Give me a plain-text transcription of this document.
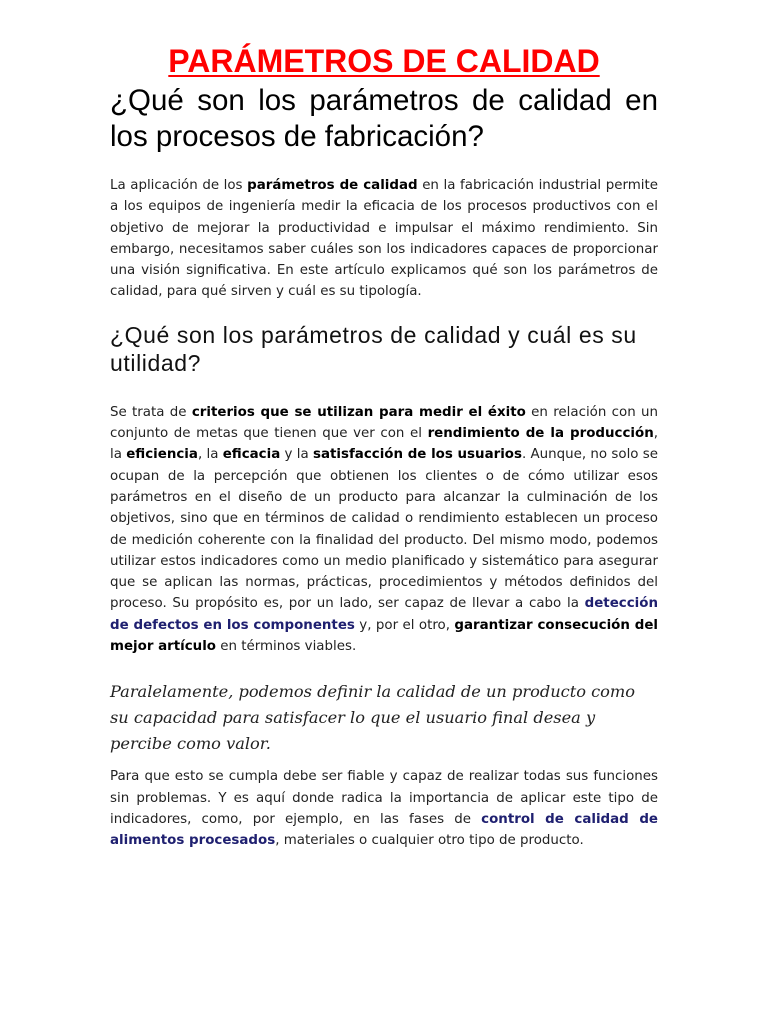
PARÁMETROS DE CALIDAD
¿Qué son los parámetros de calidad en los procesos de fabricación?

La aplicación de los parámetros de calidad en la fabricación industrial permite a los equipos de ingeniería medir la eficacia de los procesos productivos con el objetivo de mejorar la productividad e impulsar el máximo rendimiento. Sin embargo, necesitamos saber cuáles son los indicadores capaces de proporcionar una visión significativa. En este artículo explicamos qué son los parámetros de calidad, para qué sirven y cuál es su tipología.

¿Qué son los parámetros de calidad y cuál es su utilidad?

Se trata de criterios que se utilizan para medir el éxito en relación con un conjunto de metas que tienen que ver con el rendimiento de la producción, la eficiencia, la eficacia y la satisfacción de los usuarios. Aunque, no solo se ocupan de la percepción que obtienen los clientes o de cómo utilizar esos parámetros en el diseño de un producto para alcanzar la culminación de los objetivos, sino que en términos de calidad o rendimiento establecen un proceso de medición coherente con la finalidad del producto. Del mismo modo, podemos utilizar estos indicadores como un medio planificado y sistemático para asegurar que se aplican las normas, prácticas, procedimientos y métodos definidos del proceso. Su propósito es, por un lado, ser capaz de llevar a cabo la detección de defectos en los componentes y, por el otro, garantizar consecución del mejor artículo en términos viables.

Paralelamente, podemos definir la calidad de un producto como su capacidad para satisfacer lo que el usuario final desea y percibe como valor.

Para que esto se cumpla debe ser fiable y capaz de realizar todas sus funciones sin problemas. Y es aquí donde radica la importancia de aplicar este tipo de indicadores, como, por ejemplo, en las fases de control de calidad de alimentos procesados, materiales o cualquier otro tipo de producto.
